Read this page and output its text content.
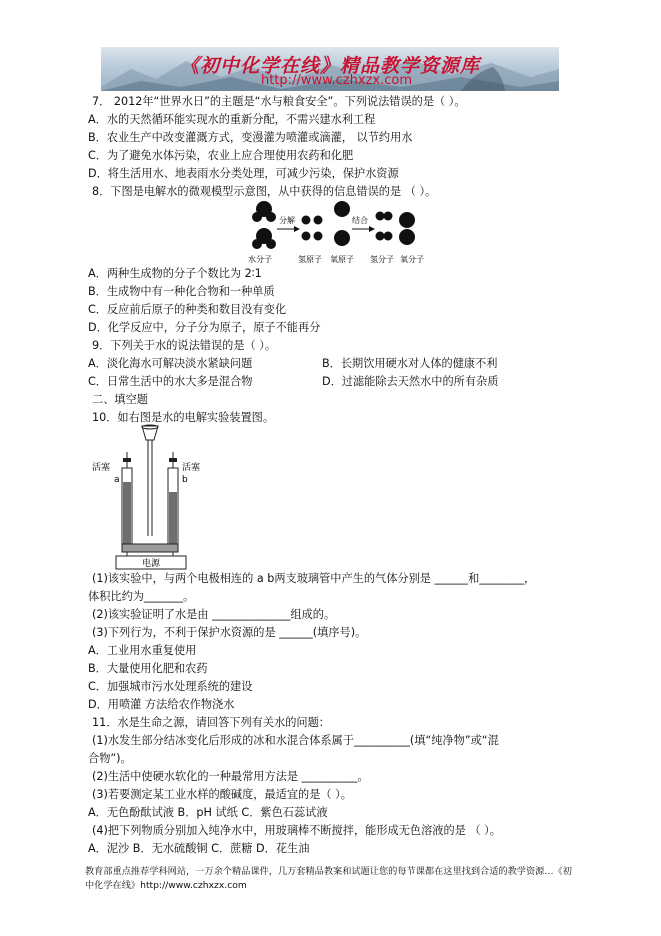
《初中化学在线》精品教学资源库
http://www.czhxzx.com
7． 2012年“世界水日”的主题是“水与粮食安全”。下列说法错误的是（ ）。
A．水的天然循环能实现水的重新分配，不需兴建水利工程
B．农业生产中改变灌溉方式，变漫灌为喷灌或滴灌， 以节约用水
C．为了避免水体污染，农业上应合理使用农药和化肥
D．将生活用水、地表雨水分类处理，可减少污染，保护水资源
8．下图是电解水的微观模型示意图，从中获得的信息错误的是 （ ）。
分解	结合
水分子	氢原子 氧原子 氢分子 氧分子
A．两种生成物的分子个数比为 2∶1
B．生成物中有一种化合物和一种单质
C．反应前后原子的种类和数目没有变化
D．化学反应中，分子分为原子，原子不能再分
9．下列关于水的说法错误的是（ ）。
A．淡化海水可解决淡水紧缺问题	B．长期饮用硬水对人体的健康不利
C．日常生活中的水大多是混合物	D．过滤能除去天然水中的所有杂质
二、填空题
10．如右图是水的电解实验装置图。
活塞	活塞
a	b
电源
(1)该实验中，与两个电极相连的 a b两支玻璃管中产生的气体分别是 ______和________，
体积比约为_______。
(2)该实验证明了水是由 ______________组成的。
(3)下列行为，不利于保护水资源的是 ______(填序号)。
A．工业用水重复使用
B．大量使用化肥和农药
C．加强城市污水处理系统的建设
D．用喷灌 方法给农作物浇水
11．水是生命之源，请回答下列有关水的问题：
(1)水发生部分结冰变化后形成的冰和水混合体系属于__________(填“纯净物”或“混
合物”)。
(2)生活中使硬水软化的一种最常用方法是 __________。
(3)若要测定某工业水样的酸碱度，最适宜的是（ ）。
A．无色酚酞试液 B．pH 试纸 C．紫色石蕊试液
(4)把下列物质分别加入纯净水中，用玻璃棒不断搅拌，能形成无色溶液的是 （ ）。
A．泥沙 B．无水硫酸铜 C．蔗糖 D．花生油
教育部重点推荐学科网站，一万余个精品课件，几万套精品教案和试题让您的每节课都在这里找到合适的教学资源…《初
中化学在线》http://www.czhxzx.com
